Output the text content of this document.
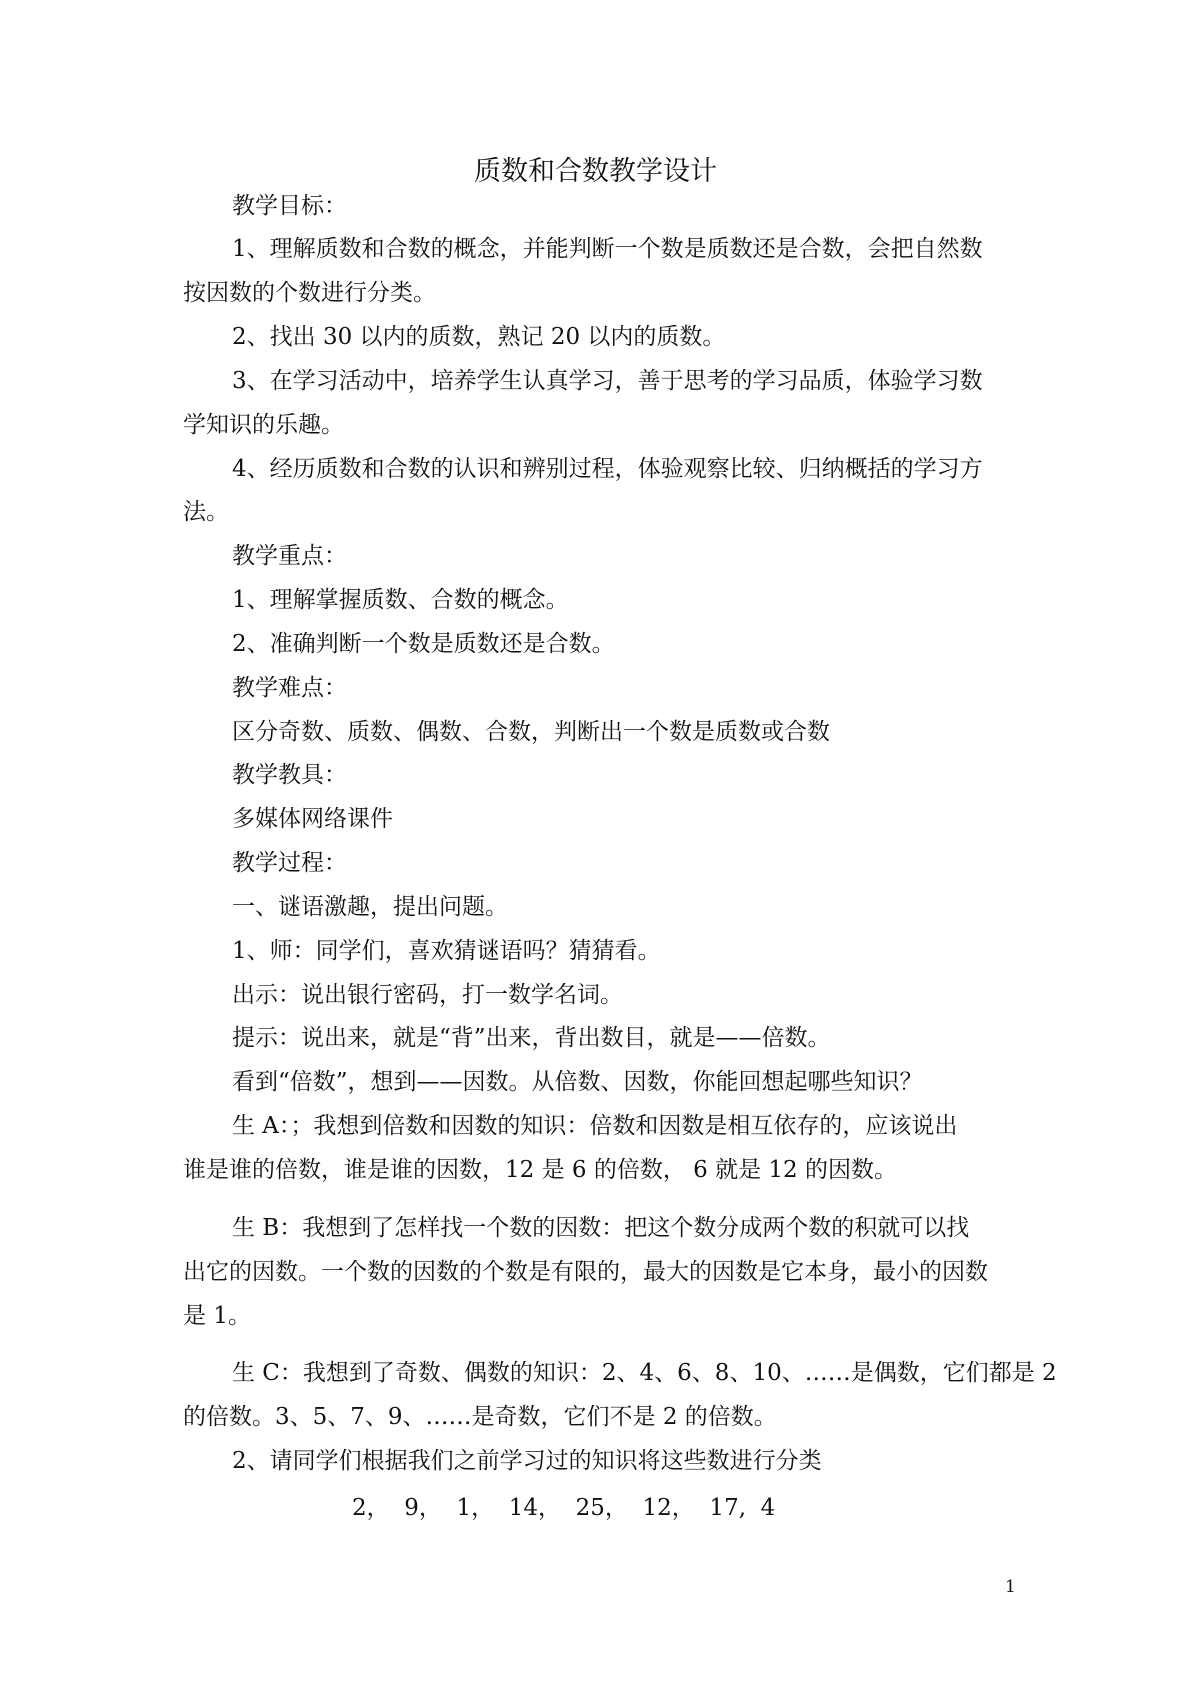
质数和合数教学设计
教学目标：
1、理解质数和合数的概念，并能判断一个数是质数还是合数，会把自然数
按因数的个数进行分类。
2、找出 30 以内的质数，熟记 20 以内的质数。
3、在学习活动中，培养学生认真学习，善于思考的学习品质，体验学习数
学知识的乐趣。
4、经历质数和合数的认识和辨别过程，体验观察比较、归纳概括的学习方
法。
教学重点：
1、理解掌握质数、合数的概念。
2、准确判断一个数是质数还是合数。
教学难点：
区分奇数、质数、偶数、合数，判断出一个数是质数或合数
教学教具：
多媒体网络课件
教学过程：
一、谜语激趣，提出问题。
1、师：同学们，喜欢猜谜语吗？猜猜看。
出示：说出银行密码，打一数学名词。
提示：说出来，就是“背”出来，背出数目，就是——倍数。
看到“倍数”，想到——因数。从倍数、因数，你能回想起哪些知识？
生 A：；我想到倍数和因数的知识：倍数和因数是相互依存的，应该说出
谁是谁的倍数，谁是谁的因数，12 是 6 的倍数， 6 就是 12 的因数。
生 B：我想到了怎样找一个数的因数：把这个数分成两个数的积就可以找
出它的因数。一个数的因数的个数是有限的，最大的因数是它本身，最小的因数
是 1。
生 C：我想到了奇数、偶数的知识：2、4、6、8、10、……是偶数，它们都是 2
的倍数。3、5、7、9、……是奇数，它们不是 2 的倍数。
2、请同学们根据我们之前学习过的知识将这些数进行分类
2，  9，  1，  14，  25，  12，  17,  4
1
